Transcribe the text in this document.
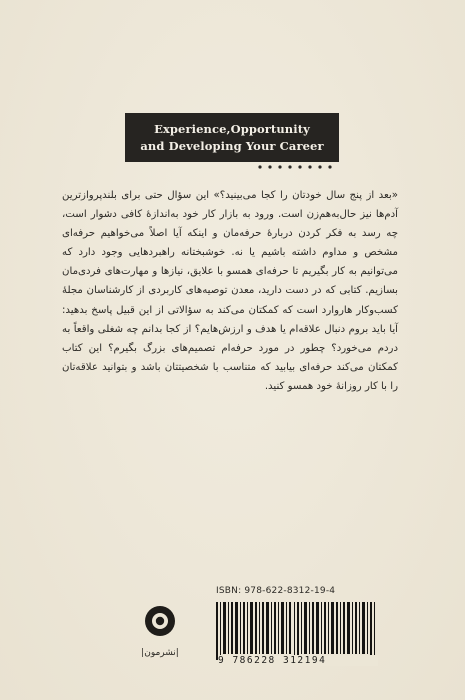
Experience,Opportunity
and Developing Your Career

«بعد از پنج سال خودتان را کجا می‌بینید؟» این سؤال حتی برای بلندپروازترین آدم‌ها نیز حال‌به‌هم‌زن است. ورود به بازار کار خود به‌اندازهٔ کافی دشوار است، چه رسد به فکر کردن دربارهٔ حرفه‌مان و اینکه آیا اصلاً می‌خواهیم حرفه‌ای مشخص و مداوم داشته باشیم یا نه. خوشبختانه راهبردهایی وجود دارد که می‌توانیم به کار بگیریم تا حرفه‌ای همسو با علایق، نیازها و مهارت‌های فردی‌مان بسازیم. کتابی که در دست دارید، معدن توصیه‌های کاربردی از کارشناسان مجلهٔ کسب‌وکار هاروارد است که کمکتان می‌کند به سؤالاتی از این قبیل پاسخ بدهید: آیا باید بروم دنبال علاقه‌ام یا هدف و ارزش‌هایم؟ از کجا بدانم چه شغلی واقعاً به دردم می‌خورد؟ چطور در مورد حرفه‌ام تصمیم‌های بزرگ بگیرم؟ این کتاب کمکتان می‌کند حرفه‌ای بیابید که متناسب با شخصیتتان باشد و بتوانید علاقه‌تان را با کار روزانهٔ خود همسو کنید.

ISBN: 978-622-8312-19-4
9 786228 312194
|نشرمون|
